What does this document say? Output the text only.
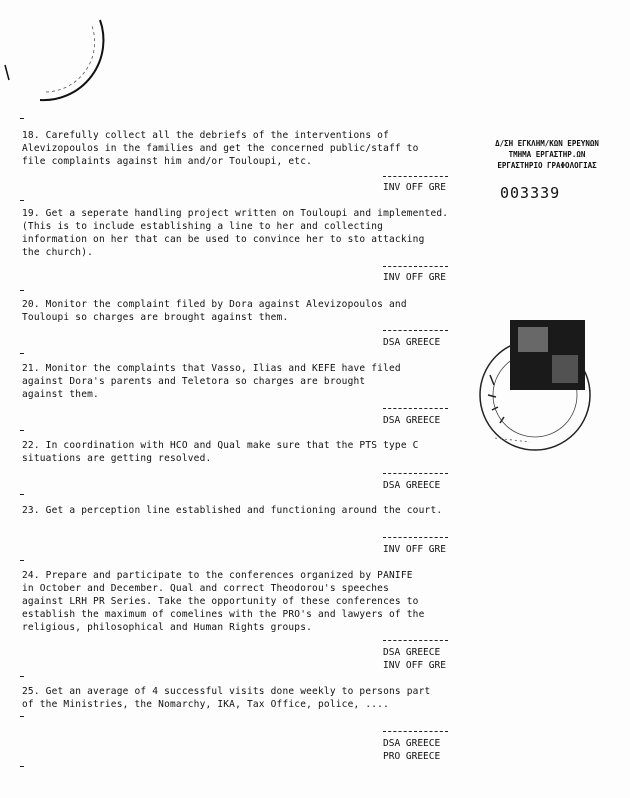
Δ/ΣΗ ΕΓΚΛΗΜ/ΚΩΝ ΕΡΕΥΝΩΝ
ΤΜΗΜΑ ΕΡΓΑΣΤΗΡ.ΩΝ
ΕΡΓΑΣΤΗΡΙΟ ΓΡΑΦΟΛΟΓΙΑΣ
003339
18. Carefully collect all the debriefs of the interventions of
Alevizopoulos in the families and get the concerned public/staff to
file complaints against him and/or Touloupi, etc.
INV OFF GRE
19. Get a seperate handling project written on Touloupi and implemented.
(This is to include establishing a line to her and collecting
information on her that can be used to convince her to sto attacking
the church).
INV OFF GRE
20. Monitor the complaint filed by Dora against Alevizopoulos and
Touloupi so charges are brought against them.
DSA GREECE
21. Monitor the complaints that Vasso, Ilias and KEFE have filed
against Dora's parents and Teletora so charges are brought
against them.
DSA GREECE
22. In coordination with HCO and Qual make sure that the PTS type C
situations are getting resolved.
DSA GREECE
23. Get a perception line established and functioning around the court.
INV OFF GRE
24. Prepare and participate to the conferences organized by PANIFE
in October and December. Qual and correct Theodorou's speeches
against LRH PR Series. Take the opportunity of these conferences to
establish the maximum of comelines with the PRO's and lawyers of the
religious, philosophical and Human Rights groups.
DSA GREECE
INV OFF GRE
25. Get an average of 4 successful visits done weekly to persons part
of the Ministries, the Nomarchy, IKA, Tax Office, police, ....
DSA GREECE
PRO GREECE
